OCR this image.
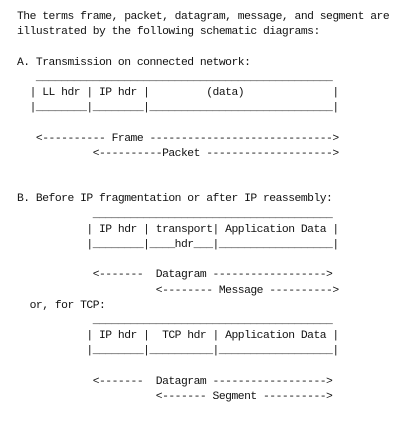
The terms frame, packet, datagram, message, and segment are
illustrated by the following schematic diagrams:

A. Transmission on connected network:
_______________________________________________
| LL hdr | IP hdr |         (data)              |
|________|________|_____________________________|

<---------- Frame ----------------------------->
<----------Packet -------------------->

B. Before IP fragmentation or after IP reassembly:
______________________________________
| IP hdr | transport| Application Data |
|________|____hdr___|__________________|

<-------  Datagram ------------------>
<-------- Message ---------->
or, for TCP:
______________________________________
| IP hdr |  TCP hdr | Application Data |
|________|__________|__________________|

<-------  Datagram ------------------>
<------- Segment ---------->
